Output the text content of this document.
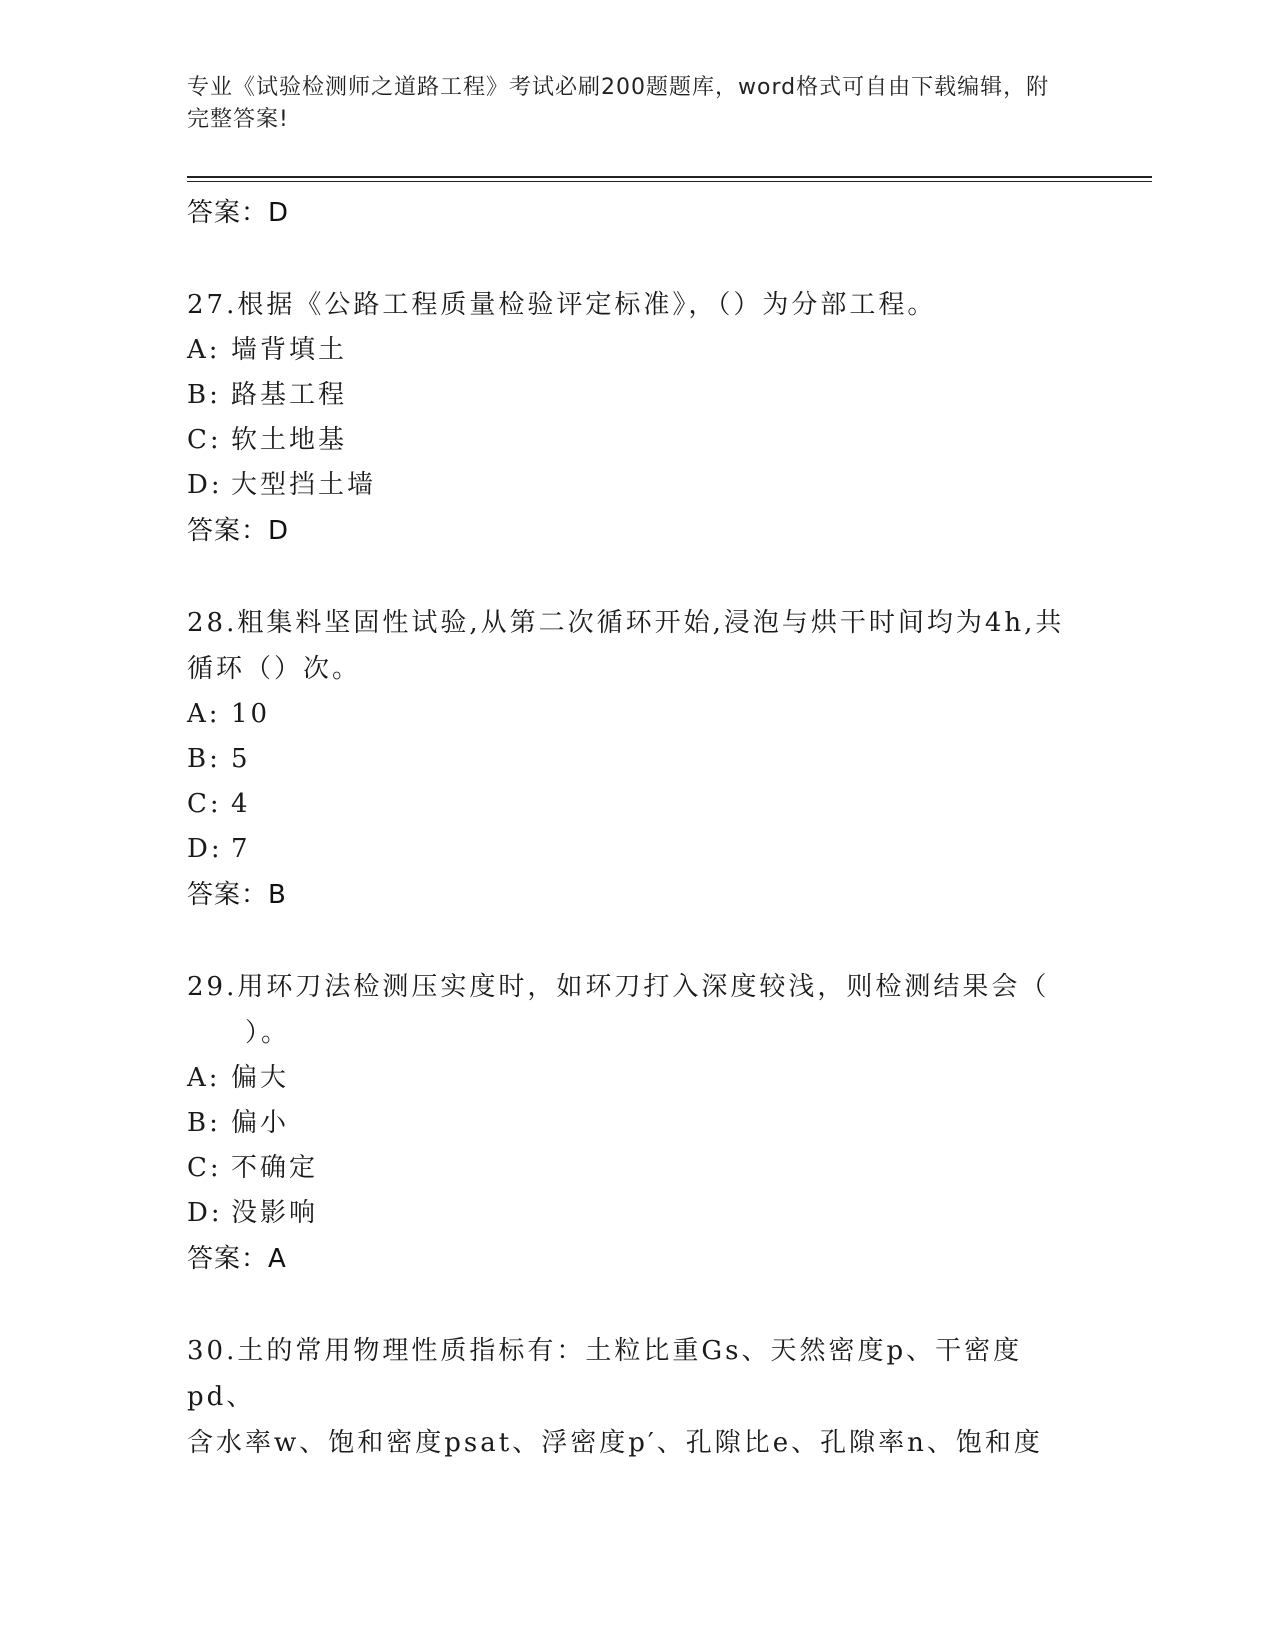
专业《试验检测师之道路工程》考试必刷200题题库，word格式可自由下载编辑，附完整答案!
答案：D
27.根据《公路工程质量检验评定标准》，（）为分部工程。
A: 墙背填土
B: 路基工程
C: 软土地基
D: 大型挡土墙
答案：D
28.粗集料坚固性试验,从第二次循环开始,浸泡与烘干时间均为4h,共
循环（）次。
A: 10
B: 5
C: 4
D: 7
答案：B
29.用环刀法检测压实度时，如环刀打入深度较浅，则检测结果会（
　　）。
A: 偏大
B: 偏小
C: 不确定
D: 没影响
答案：A
30.土的常用物理性质指标有：土粒比重Gs、天然密度p、干密度pd、
含水率w、饱和密度psat、浮密度p′、孔隙比e、孔隙率n、饱和度
